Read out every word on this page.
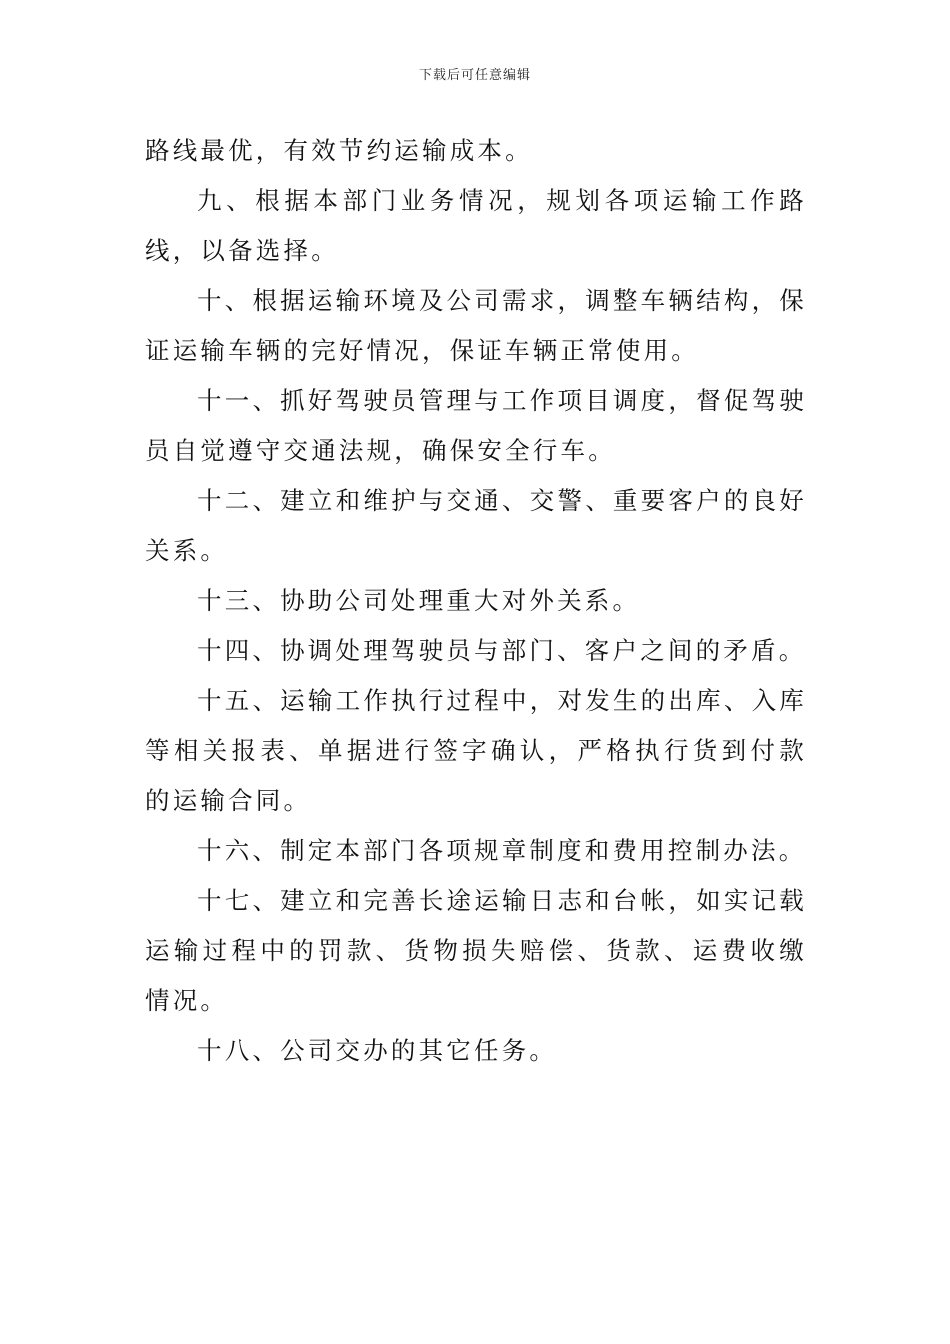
下载后可任意编辑

路线最优，有效节约运输成本。

九、根据本部门业务情况，规划各项运输工作路线，以备选择。

十、根据运输环境及公司需求，调整车辆结构，保证运输车辆的完好情况，保证车辆正常使用。

十一、抓好驾驶员管理与工作项目调度，督促驾驶员自觉遵守交通法规，确保安全行车。

十二、建立和维护与交通、交警、重要客户的良好关系。

十三、协助公司处理重大对外关系。

十四、协调处理驾驶员与部门、客户之间的矛盾。

十五、运输工作执行过程中，对发生的出库、入库等相关报表、单据进行签字确认，严格执行货到付款的运输合同。

十六、制定本部门各项规章制度和费用控制办法。

十七、建立和完善长途运输日志和台帐，如实记载运输过程中的罚款、货物损失赔偿、货款、运费收缴情况。

十八、公司交办的其它任务。
